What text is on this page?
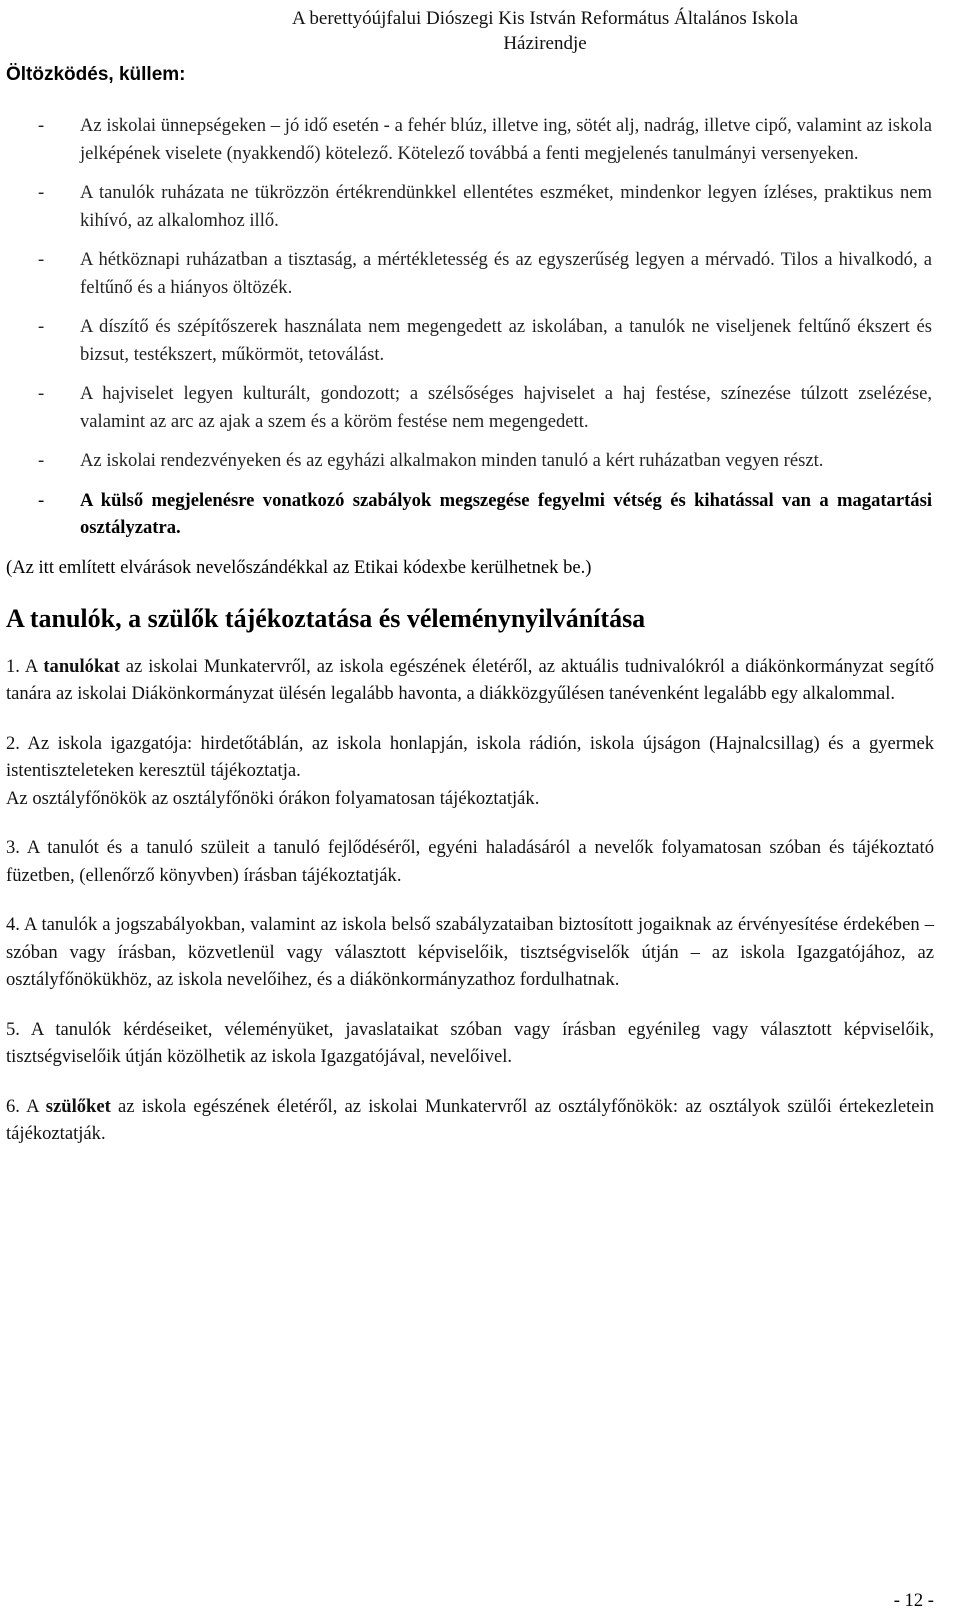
A berettyóújfalui Diószegi Kis István Református Általános Iskola
Házirendje
Öltözködés, küllem:
- Az iskolai ünnepségeken – jó idő esetén - a fehér blúz, illetve ing, sötét alj, nadrág, illetve cipő, valamint az iskola jelképének viselete (nyakkendő) kötelező. Kötelező továbbá a fenti megjelenés tanulmányi versenyeken.
- A tanulók ruházata ne tükrözzön értékrendünkkel ellentétes eszméket, mindenkor legyen ízléses, praktikus nem kihívó, az alkalomhoz illő.
- A hétköznapi ruházatban a tisztaság, a mértékletesség és az egyszerűség legyen a mérvadó. Tilos a hivalkodó, a feltűnő és a hiányos öltözék.
- A díszítő és szépítőszerek használata nem megengedett az iskolában, a tanulók ne viseljenek feltűnő ékszert és bizsut, testékszert, műkörmöt, tetoválást.
- A hajviselet legyen kulturált, gondozott; a szélsőséges hajviselet a haj festése, színezése túlzott zselézése, valamint az arc az ajak a szem és a köröm festése nem megengedett.
- Az iskolai rendezvényeken és az egyházi alkalmakon minden tanuló a kért ruházatban vegyen részt.
- A külső megjelenésre vonatkozó szabályok megszegése fegyelmi vétség és kihatással van a magatartási osztályzatra.
(Az itt említett elvárások nevelőszándékkal az Etikai kódexbe kerülhetnek be.)
A tanulók, a szülők tájékoztatása és véleménynyilvánítása
1. A tanulókat az iskolai Munkatervről, az iskola egészének életéről, az aktuális tudnivalókról a diákönkormányzat segítő tanára az iskolai Diákönkormányzat ülésén legalább havonta, a diákközgyűlésen tanévenként legalább egy alkalommal.
2. Az iskola igazgatója: hirdetőtáblán, az iskola honlapján, iskola rádión, iskola újságon (Hajnalcsillag) és a gyermek istentiszteleteken keresztül tájékoztatja.
Az osztályfőnökök az osztályfőnöki órákon folyamatosan tájékoztatják.
3. A tanulót és a tanuló szüleit a tanuló fejlődéséről, egyéni haladásáról a nevelők folyamatosan szóban és tájékoztató füzetben, (ellenőrző könyvben) írásban tájékoztatják.
4. A tanulók a jogszabályokban, valamint az iskola belső szabályzataiban biztosított jogaiknak az érvényesítése érdekében – szóban vagy írásban, közvetlenül vagy választott képviselőik, tisztségviselők útján – az iskola Igazgatójához, az osztályfőnökükhöz, az iskola nevelőihez, és a diákönkormányzathoz fordulhatnak.
5. A tanulók kérdéseiket, véleményüket, javaslataikat szóban vagy írásban egyénileg vagy választott képviselőik, tisztségviselőik útján közölhetik az iskola Igazgatójával, nevelőivel.
6. A szülőket az iskola egészének életéről, az iskolai Munkatervről az osztályfőnökök: az osztályok szülői értekezletein tájékoztatják.
- 12 -
